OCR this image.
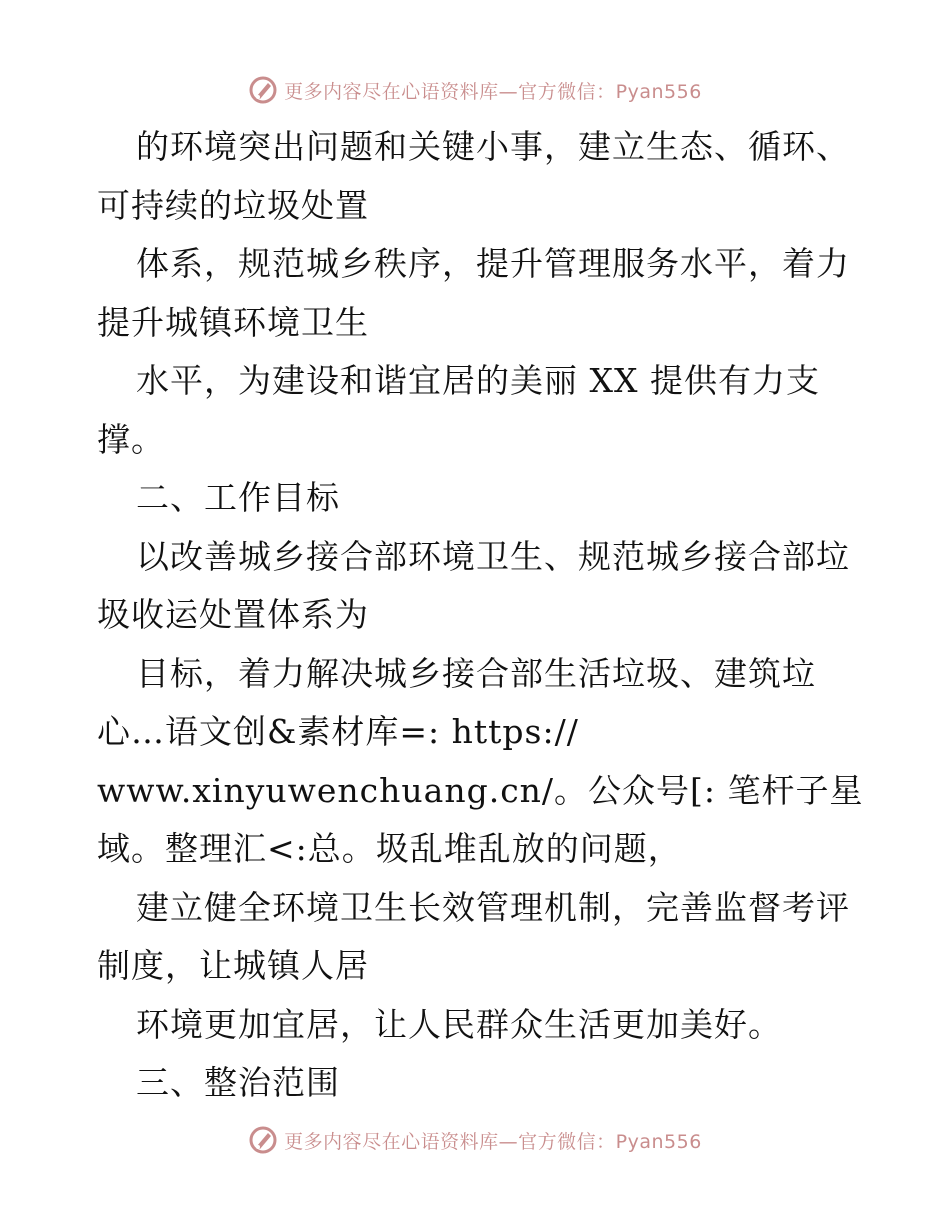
更多内容尽在心语资料库—官方微信：Pyan556
的环境突出问题和关键小事，建立生态、循环、
可持续的垃圾处置
体系，规范城乡秩序，提升管理服务水平，着力
提升城镇环境卫生
水平，为建设和谐宜居的美丽 XX 提供有力支
撑。
二、工作目标
以改善城乡接合部环境卫生、规范城乡接合部垃
圾收运处置体系为
目标，着力解决城乡接合部生活垃圾、建筑垃
心…语文创&素材库=: https://
www.xinyuwenchuang.cn/。公众号[: 笔杆子星
域。整理汇<:总。圾乱堆乱放的问题，
建立健全环境卫生长效管理机制，完善监督考评
制度，让城镇人居
环境更加宜居，让人民群众生活更加美好。
三、整治范围
更多内容尽在心语资料库—官方微信：Pyan556
